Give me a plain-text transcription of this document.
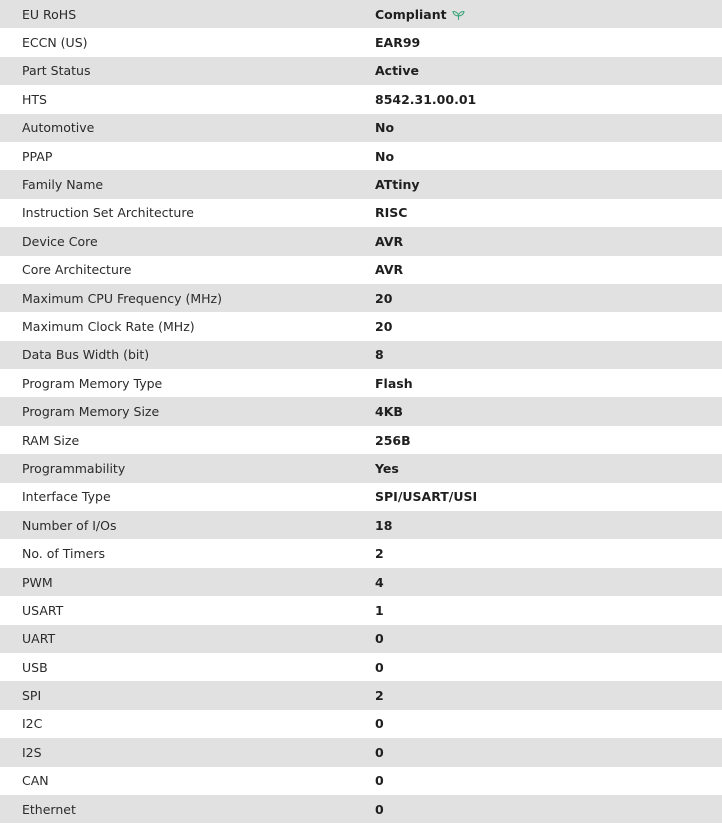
EU RoHS	Compliant
ECCN (US)	EAR99
Part Status	Active
HTS	8542.31.00.01
Automotive	No
PPAP	No
Family Name	ATtiny
Instruction Set Architecture	RISC
Device Core	AVR
Core Architecture	AVR
Maximum CPU Frequency (MHz)	20
Maximum Clock Rate (MHz)	20
Data Bus Width (bit)	8
Program Memory Type	Flash
Program Memory Size	4KB
RAM Size	256B
Programmability	Yes
Interface Type	SPI/USART/USI
Number of I/Os	18
No. of Timers	2
PWM	4
USART	1
UART	0
USB	0
SPI	2
I2C	0
I2S	0
CAN	0
Ethernet	0
